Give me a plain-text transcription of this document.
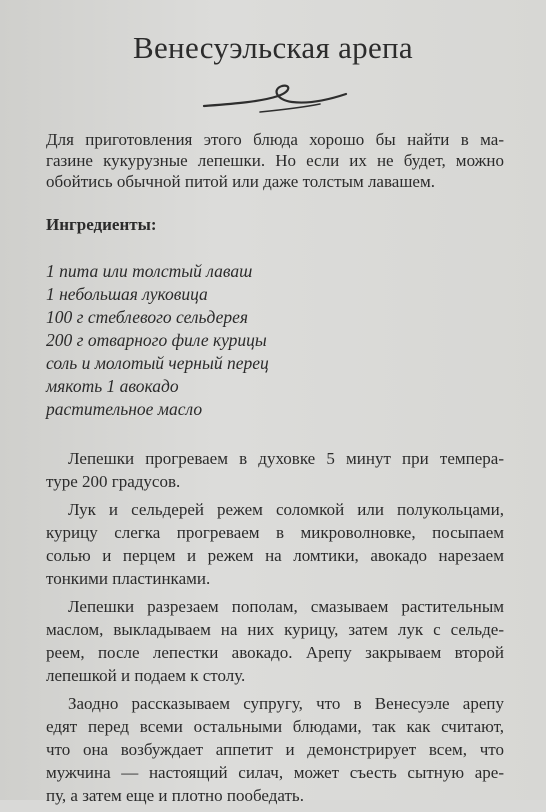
Венесуэльская арепа
Для приготовления этого блюда хорошо бы найти в ма-
газине кукурузные лепешки. Но если их не будет, можно
обойтись обычной питой или даже толстым лавашем.
Ингредиенты:
1 пита или толстый лаваш
1 небольшая луковица
100 г стеблевого сельдерея
200 г отварного филе курицы
соль и молотый черный перец
мякоть 1 авокадо
растительное масло
Лепешки прогреваем в духовке 5 минут при темпера-
туре 200 градусов.
Лук и сельдерей режем соломкой или полукольцами,
курицу слегка прогреваем в микроволновке, посыпаем
солью и перцем и режем на ломтики, авокадо нарезаем
тонкими пластинками.
Лепешки разрезаем пополам, смазываем растительным
маслом, выкладываем на них курицу, затем лук с сельде-
реем, после лепестки авокадо. Арепу закрываем второй
лепешкой и подаем к столу.
Заодно рассказываем супругу, что в Венесуэле арепу
едят перед всеми остальными блюдами, так как считают,
что она возбуждает аппетит и демонстрирует всем, что
мужчина — настоящий силач, может съесть сытную аре-
пу, а затем еще и плотно пообедать.
